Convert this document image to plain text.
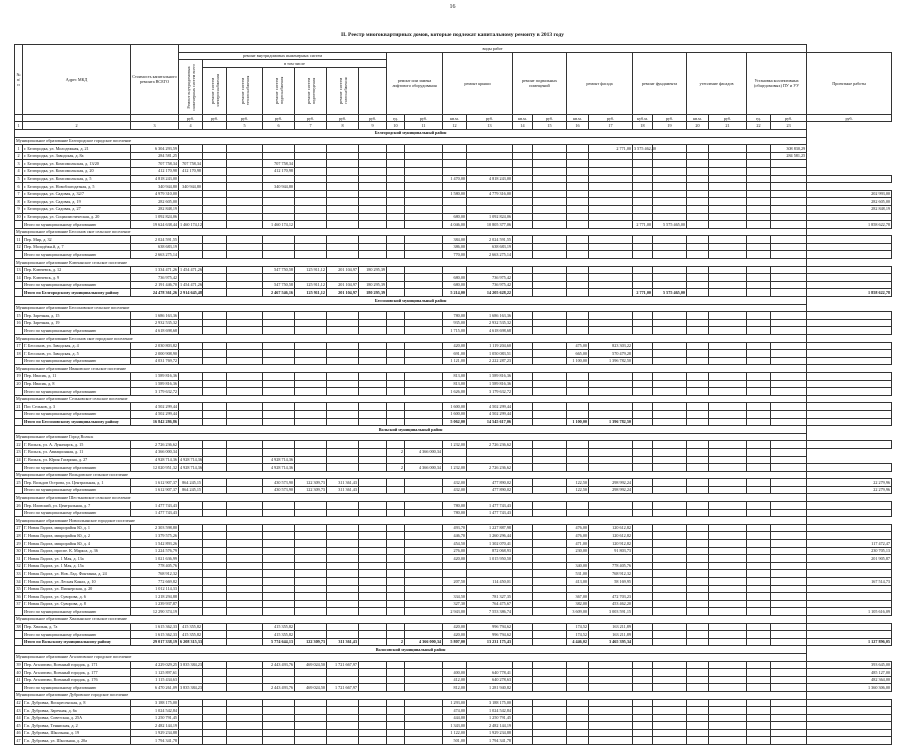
16
II. Реестр многоквартирных домов, которые подлежат капитальному ремонту в 2013 году
№ п/п	Адрес МКД	Стоимость капитального ремонта ВСЕГО	виды работ																					
			ремонт внутридомовых инженерных систем							ремонт или замена лифтового оборудования		ремонт крыши		ремонт подвальных помещений		ремонт фасада		ремонт фундамента		утепление фасадов		Установка коллективных (общедомовых) ПУ и УУ		Проектные работы
			Ремонт внутридомовых инженерных систем всего	в том числе																				
				ремонт систем электроснабжения	ремонт систем теплоснабжения	ремонт систем водоснабжения	ремонт систем водоотведения	ремонт систем газоснабжения																
			руб.	руб.	руб.	руб.	руб.	руб.	руб.	ед.	руб.	кв.м.	руб.	кв.м.	руб.	кв.м.	руб.	куб.м.	руб.	кв.м.	руб.	ед.	руб.	руб.
1	2	3	4		5	6	7	8	9	10	11	12	13	14	15	16	17	18	19	20	21	22	23	
Белгородский муниципальный район																								
Муниципальное образование Белгородское городское поселение																								
1	г. Белгородка, ул. Молодежная, д. 21	6 304 293,59															2 771,00	3 575 462,30					308 830,29	
2	г. Белгородка, ул. Заводская, д. 8а	284 581,25																					284 581,25	
3	г. Белгородка, ул. Комсомольская, д. 13/20	707 758,34	707 758,34			707 758,34																		
4	г. Белгородка, ул. Комсомольская, д. 20	412 170,98	412 170,98			412 170,98																		
5	г. Белгородка, ул. Комсомольская, д. 5	4 818 243,00										1 470,00	4 818 243,00											
6	г. Белгородка, ул. Новоблагодатная, д. 5	340 944,80	340 944,80			340 944,80																		
7	г. Белгородка, ул. Садовая, д. 32/7	4 979 310,00										1 580,00	4 779 316,00											202 993,00
8	г. Белгородка, ул. Садовая, д. 19	282 605,00																						282 605,00
9	г. Белгородка, ул. Садовая, д. 27	282 848,19																						282 848,19
10	г. Белгородка, ул. Социалистическая, д. 20	1 092 824,06										680,00	1 092 824,06											
	Итого по муниципальному образованию	19 624 638,44	1 460 174,12			1 460 174,12						4 046,00	10 805 377,06					2 771,00	5 575 465,00					1 858 622,78
Муниципальное образование Бессонов ское сельское поселение																								
11	Пер. Мир, д. 32	2 024 591,55										384,00	2 024 591,55											
12	Пер. Молодёжн.й, д. 7	638 683,19										386,00	638 683,19											
	Итого по муниципальному образованию	2 663 275,14										770,00	2 663 275,14											
Муниципальное образование Ключанское сельское поселение																								
13	Пер. Ключевск, д. 12	1 334 471,26	1 454 471,26			547 750,58	125 911,12	201 104,97	180 295,39															
14	Пер. Ключевск, д. 9	736 975,42										680,00	736 975,42											
	Итого по муниципальному образованию	2 191 446,70	1 454 471,26			547 750,58	125 911,12	201 104,97	180 295,39			680,00	736 975,42											
	Итого по Белгородскому муниципальному району	24 478 361,26	2 914 645,48			2 467 546,16	125 911,12	201 104,97	180 295,39			5 214,00	14 205 628,22					2 771,00	5 575 465,00					1 858 622,78
Бессоновский муниципальный район																								
Муниципальное образование Бессоновское сельское поселение																								
15	Пер. Заречная, д. 15	1 686 163,36										780,00	1 686 163,36											
16	Пер. Заречная, д. 19	2 932 535,32										935,00	2 932 535,32											
	Итого по муниципальному образованию	4 618 698,68										1 715,00	4 618 698,68											
Муниципальное образование Бессонов ское городское поселение																								
17	Г. Бессонов, ул. Заводская, д. 4	2 030 803,82										420,00	1 119 204,60			475,00	823 303,22							
18	Г. Бессонов, ул. Заводская, д. 5	2 000 908,90										691,00	1 050 083,51			665,00	570 479,28							
	Итого по муниципальному образованию	4 031 769,72										1 121,00	2 222 287,23			1 100,00	1 396 782,50							
Муниципальное образование Ивановское сельское поселение																								
19	Пер. Ивасик, д. 11	1 589 816,36										813,00	1 589 816,36											
20	Пер. Ивасик, д. 8	1 589 816,36										813,00	1 589 816,36											
	Итого по муниципальному образованию	3 179 632,72										1 626,00	3 179 632,72											
Муниципальное образование Сельковское сельское поселение																								
21	Пос Сельков, д. 3	4 502 299,44										1 600,00	4 502 299,44											
	Итого по муниципальному образованию	4 502 299,44										1 600,00	4 502 299,44											
	Итого по Бессоновскому муниципальному району	16 842 286,86										5 062,00	14 545 617,06			1 100,00	1 396 782,50							
Вольский муниципальный район																								
Муниципальное образование Город Вольск																								
22	Г. Вольск, ул. А. Луначарск, д. 15	2 726 236,62										1 232,00	2 726 236,62											
23	Г. Вольск, ул. Авиационная, д. 11	4 366 000,34								2	4 366 000,34													
24	Г. Вольск, ул. Юрия Гагарина, д. 27	4 928 714,36	4 928 714,36			4 928 714,36																		
	Итого по муниципальному образованию	12 020 951,32	4 928 714,36			4 928 714,36				2	4 366 000,34	1 232,00	2 726 236,62											
Муниципальное образование Вольдовское сельское поселение																								
25	Пер. Вольдов Острова, ул. Центральная, д. 1	1 612 907,37	864 245,15			430 573,90	122 309,73	311 361,43				432,00	477 890,02			122,50	298 992,24							22 279,96
	Итого по муниципальному образованию	1 612 907,37	864 245,15			430 573,90	122 309,73	311 361,43				432,00	477 890,02			122,50	298 992,24							22 279,96
Муниципальное образование Шестьковское сельское поселение																								
26	Пер. Иловский, ул. Центральная, д. 7	1 477 743,43										780,00	1 477 743,43											
	Итого по муниципальному образованию	1 477 743,43										780,00	1 477 743,43											
Муниципальное образование Новоильинское городское поселение																								
27	Г. Новая Ладога, микрорайон Ю, д. 1	2 303 598,80										493,70	1 227 887,98			476,00	120 612,82							
28	Г. Новая Ладога, микрорайон Ю, д. 2	1 379 575,26										446,70	1 260 296,44			476,00	120 612,82							
29	Г. Новая Ладога, микрорайон Ю, д. 4	1 542 893,26										454,50	1 302 070,41			471,00	120 912,82							117 472,47
30	Г. Новая Ладога, проспе. К. Маркса, д. 36	1 224 576,79										276,00	872 068,93			230,00	91 803,73							230 705,13
31	Г. Новая Ладога, ул. 1 Мая, д. 13а	1 021 636,99										420,00	1 015 950,50											201 905,87
32	Г. Новая Ладога, ул. 1 Мая, д. 15а	778 405,76														340,00	778 405,76							
33	Г. Новая Ладога, ул. Нов. Лад. Фонтанка, д. 24	768 912,32														531,00	768 912,32							
34	Г. Новая Ладога, ул. Лесная Канал, д. 10	772 669,82										207,50	114 450,01			413,00	58 169,95							167 514,73
35	Г. Новая Ладога, ул. Пионерская, д. 20	1 012 114,33																						
36	Г. Новая Ладога, ул. Суворова, д. 6	1 218 294,88										334,50	781 327,35			367,00	472 703,23							
37	Г. Новая Ладога, ул. Суворова, д. 8	1 239 937,87										327,30	764 475,67			382,00	453 462,20							
	Итого по муниципальному образованию	12 290 374,19										2 943,00	7 553 386,74			3 609,00	3 003 591,15							1 105 616,09
Муниципальное образование Хвалынское сельское поселение																								
38	Пер. Хвалын, д. 7а	1 615 362,33	415 355,82			415 355,82						420,00	996 794,62			174,52	163 211,89							
	Итого по муниципальному образованию	1 615 362,33	415 355,82			415 355,82						420,00	996 794,62			174,52	163 211,89							
	Итого по Вольскому муниципальному району	29 017 338,19	6 208 315,33			5 774 644,13	122 309,73	311 361,43		2	4 366 000,34	5 807,00	13 231 175,43			4 446,02	3 465 395,34							1 127 896,05
Волосовский муниципальный район																								
Муниципальное образование Агалатовское городское поселение																								
39	Пер. Агалатово, Военный городок, д. 171	4 229 029,25	3 835 384,23			2 443 493,76	469 024,50	1 721 667,97																393 645,00
40	Пер. Агалатово, Военный городок, д. 177	1 125 897,61										400,00	640 778,41											485 127,00
41	Пер. Агалатово, Военный городок, д. 176	1 115 434,63										412,00	640 278,63											482 364,00
	Итого по муниципальному образованию	6 470 261,09	3 835 384,23			2 443 493,76	469 024,50	1 721 667,97				812,00	1 281 940,82											1 360 306,00
Муниципальное образование Дубровское городское поселение																								
42	Г.п. Дубровка, Воскресенская, д. 8	3 188 175,00										1 293,00	3 188 175,00											
43	Г.п. Дубровка, Заречная, д. 6а	1 024 542,84										474,00	1 024 542,84											
44	Г.п. Дубровка, Советская, д. 25А	1 250 791,45										444,00	1 250 791,45											
45	Г.п. Дубровка, Теннисная, д. 2	2 482 144,19										1 343,00	2 482 144,19											
46	Г.п. Дубровка, Школьная, д. 19	1 929 234,88										1 122,00	1 929 234,88											
47	Г.п. Дубровка, ул. Школьная, д. 20а	1 794 341,78										501,00	1 794 341,78											
